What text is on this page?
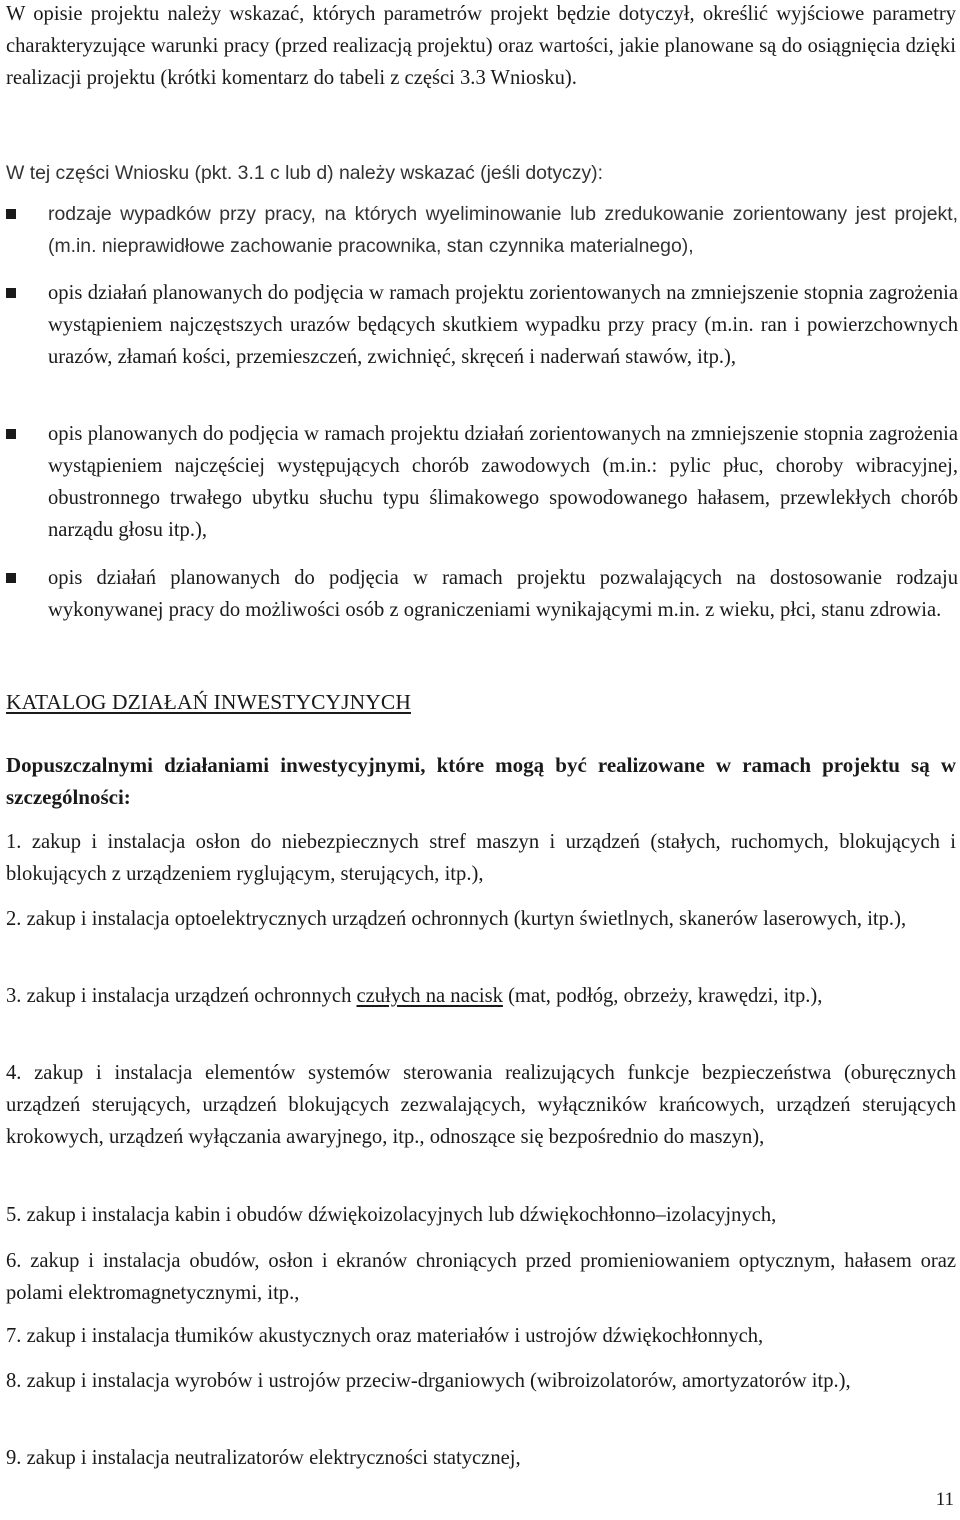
W opisie projektu należy wskazać, których parametrów projekt będzie dotyczył, określić wyjściowe parametry charakteryzujące warunki pracy (przed realizacją projektu) oraz wartości, jakie planowane są do osiągnięcia dzięki realizacji projektu (krótki komentarz do tabeli z części 3.3 Wniosku).

W tej części Wniosku (pkt. 3.1 c lub d) należy wskazać (jeśli dotyczy):

rodzaje wypadków przy pracy, na których wyeliminowanie lub zredukowanie zorientowany jest projekt, (m.in. nieprawidłowe zachowanie pracownika, stan czynnika materialnego),

opis działań planowanych do podjęcia w ramach projektu zorientowanych na zmniejszenie stopnia zagrożenia wystąpieniem najczęstszych urazów będących skutkiem wypadku przy pracy (m.in. ran i powierzchownych urazów, złamań kości, przemieszczeń, zwichnięć, skręceń i naderwań stawów, itp.),

opis planowanych do podjęcia w ramach projektu działań zorientowanych na zmniejszenie stopnia zagrożenia wystąpieniem najczęściej występujących chorób zawodowych (m.in.: pylic płuc, choroby wibracyjnej, obustronnego trwałego ubytku słuchu typu ślimakowego spowodowanego hałasem, przewlekłych chorób narządu głosu itp.),

opis działań planowanych do podjęcia w ramach projektu pozwalających na dostosowanie rodzaju wykonywanej pracy do możliwości osób z ograniczeniami wynikającymi m.in. z wieku, płci, stanu zdrowia.

KATALOG DZIAŁAŃ INWESTYCYJNYCH
Dopuszczalnymi działaniami inwestycyjnymi, które mogą być realizowane w ramach projektu są w szczególności:

1. zakup i instalacja osłon do niebezpiecznych stref maszyn i urządzeń (stałych, ruchomych, blokujących i blokujących z urządzeniem ryglującym, sterujących, itp.),

2. zakup i instalacja optoelektrycznych urządzeń ochronnych (kurtyn świetlnych, skanerów laserowych, itp.),

3. zakup i instalacja urządzeń ochronnych czułych na nacisk (mat, podłóg, obrzeży, krawędzi, itp.),

4. zakup i instalacja elementów systemów sterowania realizujących funkcje bezpieczeństwa (oburęcznych urządzeń sterujących, urządzeń blokujących zezwalających, wyłączników krańcowych, urządzeń sterujących krokowych, urządzeń wyłączania awaryjnego, itp., odnoszące się bezpośrednio do maszyn),

5. zakup i instalacja kabin i obudów dźwiękoizolacyjnych lub dźwiękochłonno–izolacyjnych,

6. zakup i instalacja obudów, osłon i ekranów chroniących przed promieniowaniem optycznym, hałasem oraz polami elektromagnetycznymi, itp.,

7. zakup i instalacja tłumików akustycznych oraz materiałów i ustrojów dźwiękochłonnych,

8. zakup i instalacja wyrobów i ustrojów przeciw-drganiowych (wibroizolatorów, amortyzatorów itp.),

9. zakup i instalacja neutralizatorów elektryczności statycznej,

11
